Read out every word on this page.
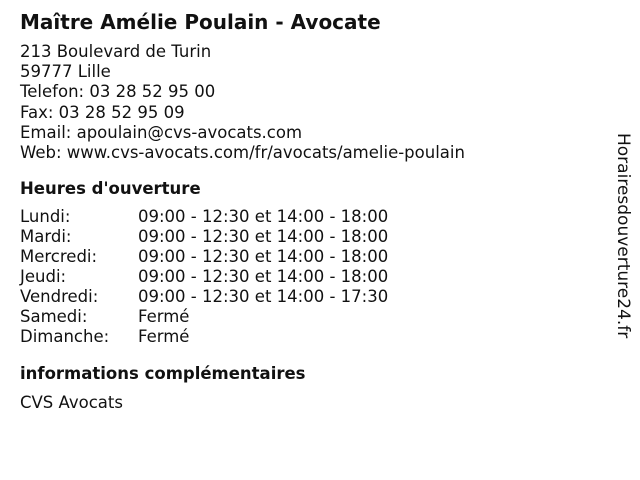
Maître Amélie Poulain - Avocate
213 Boulevard de Turin
59777 Lille
Telefon: 03 28 52 95 00
Fax: 03 28 52 95 09
Email: apoulain@cvs-avocats.com
Web: www.cvs-avocats.com/fr/avocats/amelie-poulain
Heures d'ouverture
Lundi:	09:00 - 12:30 et 14:00 - 18:00
Mardi:	09:00 - 12:30 et 14:00 - 18:00
Mercredi:	09:00 - 12:30 et 14:00 - 18:00
Jeudi:	09:00 - 12:30 et 14:00 - 18:00
Vendredi:	09:00 - 12:30 et 14:00 - 17:30
Samedi:	Fermé
Dimanche:	Fermé
informations complémentaires
CVS Avocats
Horairesdouverture24.fr
